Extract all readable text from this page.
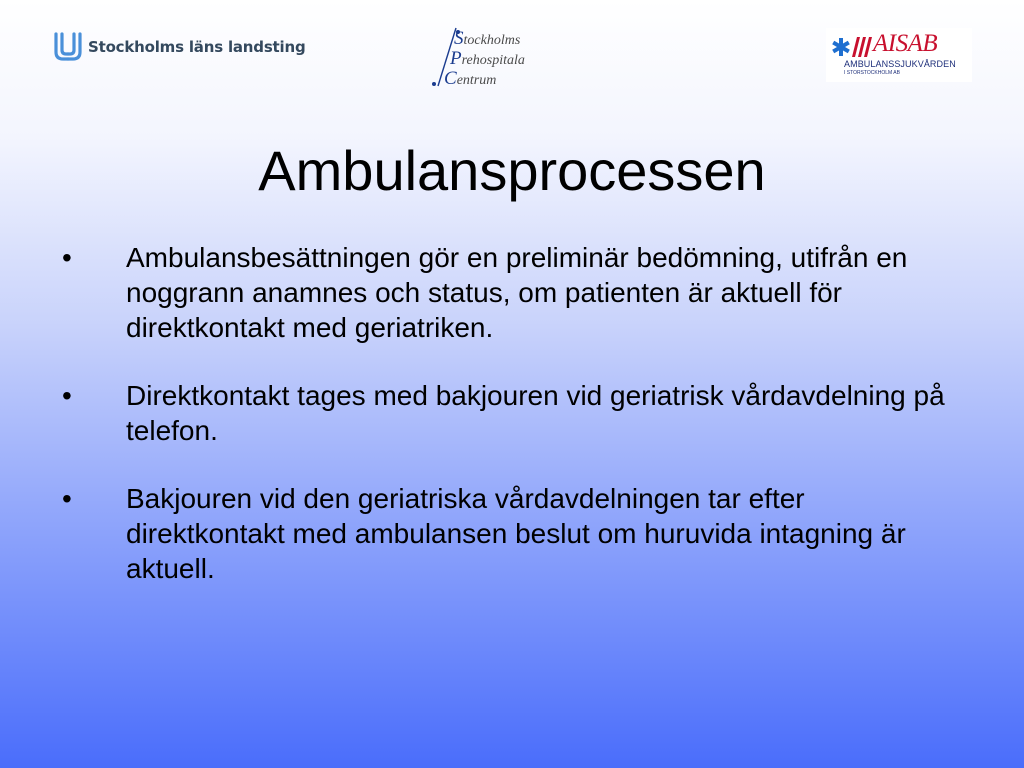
Stockholms läns landsting	Stockholms
Prehospitala
Centrum
AISAB
AMBULANSSJUKVÅRDEN
I STORSTOCKHOLM AB
Ambulansprocessen
• Ambulansbesättningen gör en preliminär bedömning, utifrån en noggrann anamnes och status, om patienten är aktuell för direktkontakt med geriatriken.
• Direktkontakt tages med bakjouren vid geriatrisk vårdavdelning på telefon.
• Bakjouren vid den geriatriska vårdavdelningen tar efter direktkontakt med ambulansen beslut om huruvida intagning är aktuell.
